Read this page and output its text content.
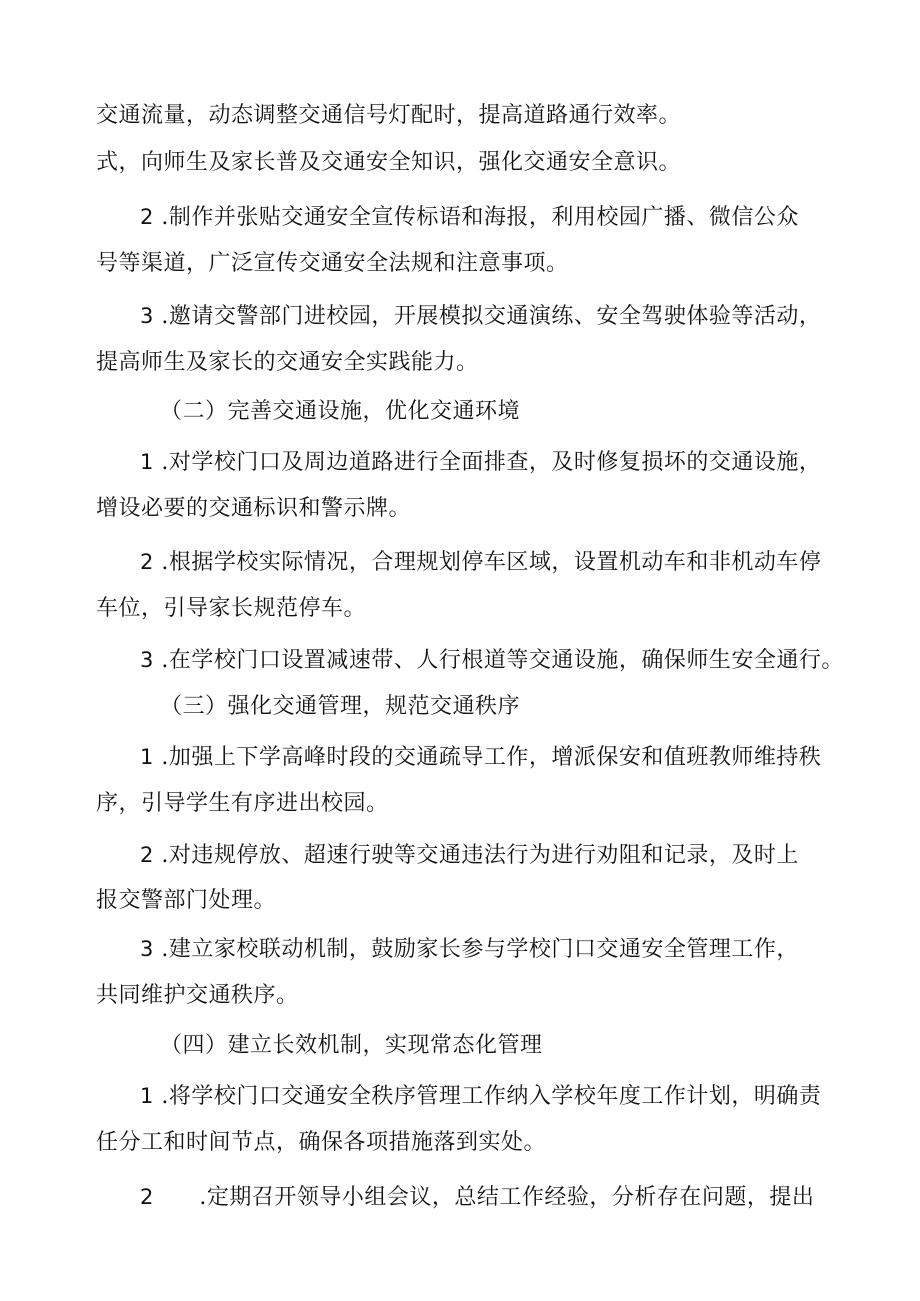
交通流量，动态调整交通信号灯配时，提高道路通行效率。
式，向师生及家长普及交通安全知识，强化交通安全意识。
2 .制作并张贴交通安全宣传标语和海报，利用校园广播、微信公众
号等渠道，广泛宣传交通安全法规和注意事项。
3 .邀请交警部门进校园，开展模拟交通演练、安全驾驶体验等活动，
提高师生及家长的交通安全实践能力。
（二）完善交通设施，优化交通环境
1 .对学校门口及周边道路进行全面排查，及时修复损坏的交通设施，
增设必要的交通标识和警示牌。
2 .根据学校实际情况，合理规划停车区域，设置机动车和非机动车停
车位，引导家长规范停车。
3 .在学校门口设置减速带、人行根道等交通设施，确保师生安全通行。
（三）强化交通管理，规范交通秩序
1 .加强上下学高峰时段的交通疏导工作，增派保安和值班教师维持秩
序，引导学生有序进出校园。
2 .对违规停放、超速行驶等交通违法行为进行劝阻和记录，及时上
报交警部门处理。
3 .建立家校联动机制，鼓励家长参与学校门口交通安全管理工作，
共同维护交通秩序。
（四）建立长效机制，实现常态化管理
1 .将学校门口交通安全秩序管理工作纳入学校年度工作计划，明确责
任分工和时间节点，确保各项措施落到实处。
2 .定期召开领导小组会议，总结工作经验，分析存在问题，提出
